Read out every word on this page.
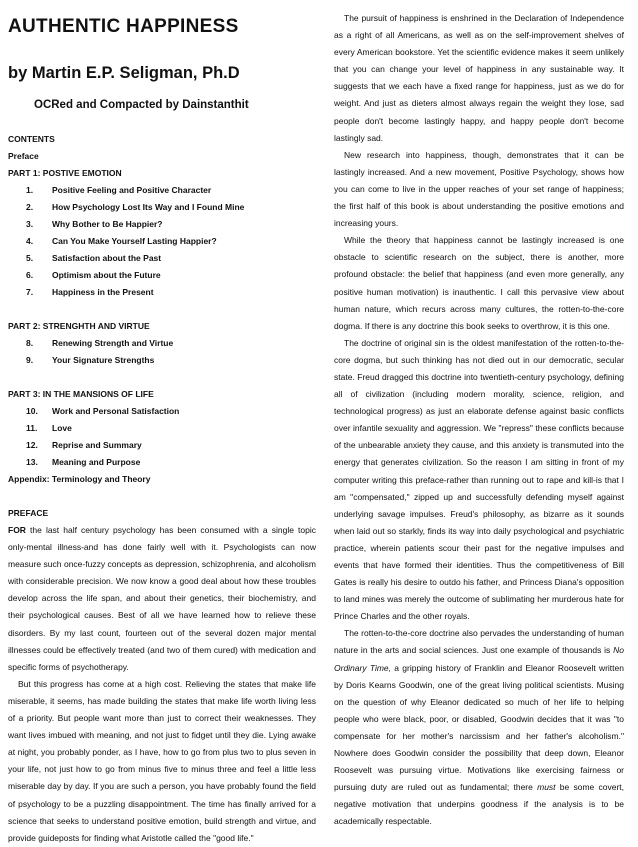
AUTHENTIC HAPPINESS
by Martin E.P. Seligman, Ph.D
OCRed and Compacted by Dainstanthit
CONTENTS
Preface
PART 1: POSTIVE EMOTION
1. Positive Feeling and Positive Character
2. How Psychology Lost Its Way and I Found Mine
3. Why Bother to Be Happier?
4. Can You Make Yourself Lasting Happier?
5. Satisfaction about the Past
6. Optimism about the Future
7. Happiness in the Present
PART 2: STRENGHTH AND VIRTUE
8. Renewing Strength and Virtue
9. Your Signature Strengths
PART 3: IN THE MANSIONS OF LIFE
10. Work and Personal Satisfaction
11. Love
12. Reprise and Summary
13. Meaning and Purpose
Appendix: Terminology and Theory
PREFACE

FOR the last half century psychology has been consumed with a single topic only-mental illness-and has done fairly well with it. Psychologists can now measure such once-fuzzy concepts as depression, schizophrenia, and alcoholism with considerable precision. We now know a good deal about how these troubles develop across the life span, and about their genetics, their biochemistry, and their psychological causes. Best of all we have learned how to relieve these disorders. By my last count, fourteen out of the several dozen major mental illnesses could be effectively treated (and two of them cured) with medication and specific forms of psychotherapy.

But this progress has come at a high cost. Relieving the states that make life miserable, it seems, has made building the states that make life worth living less of a priority. But people want more than just to correct their weaknesses. They want lives imbued with meaning, and not just to fidget until they die. Lying awake at night, you probably ponder, as I have, how to go from plus two to plus seven in your life, not just how to go from minus five to minus three and feel a little less miserable day by day. If you are such a person, you have probably found the field of psychology to be a puzzling disappointment. The time has finally arrived for a science that seeks to understand positive emotion, build strength and virtue, and provide guideposts for finding what Aristotle called the "good life."

The pursuit of happiness is enshrined in the Declaration of Independence as a right of all Americans, as well as on the self-improvement shelves of every American bookstore. Yet the scientific evidence makes it seem unlikely that you can change your level of happiness in any sustainable way. It suggests that we each have a fixed range for happiness, just as we do for weight. And just as dieters almost always regain the weight they lose, sad people don't become lastingly happy, and happy people don't become lastingly sad.

New research into happiness, though, demonstrates that it can be lastingly increased. And a new movement, Positive Psychology, shows how you can come to live in the upper reaches of your set range of happiness; the first half of this book is about understanding the positive emotions and increasing yours.

While the theory that happiness cannot be lastingly increased is one obstacle to scientific research on the subject, there is another, more profound obstacle: the belief that happiness (and even more generally, any positive human motivation) is inauthentic. I call this pervasive view about human nature, which recurs across many cultures, the rotten-to-the-core dogma. If there is any doctrine this book seeks to overthrow, it is this one.

The doctrine of original sin is the oldest manifestation of the rotten-to-the-core dogma, but such thinking has not died out in our democratic, secular state. Freud dragged this doctrine into twentieth-century psychology, defining all of civilization (including modern morality, science, religion, and technological progress) as just an elaborate defense against basic conflicts over infantile sexuality and aggression. We "repress" these conflicts because of the unbearable anxiety they cause, and this anxiety is transmuted into the energy that generates civilization. So the reason I am sitting in front of my computer writing this preface-rather than running out to rape and kill-is that I am "compensated," zipped up and successfully defending myself against underlying savage impulses. Freud's philosophy, as bizarre as it sounds when laid out so starkly, finds its way into daily psychological and psychiatric practice, wherein patients scour their past for the negative impulses and events that have formed their identities. Thus the competitiveness of Bill Gates is really his desire to outdo his father, and Princess Diana's opposition to land mines was merely the outcome of sublimating her murderous hate for Prince Charles and the other royals.

The rotten-to-the-core doctrine also pervades the understanding of human nature in the arts and social sciences. Just one example of thousands is No Ordinary Time, a gripping history of Franklin and Eleanor Roosevelt written by Doris Kearns Goodwin, one of the great living political scientists. Musing on the question of why Eleanor dedicated so much of her life to helping people who were black, poor, or disabled, Goodwin decides that it was "to compensate for her mother's narcissism and her father's alcoholism." Nowhere does Goodwin consider the possibility that deep down, Eleanor Roosevelt was pursuing virtue. Motivations like exercising fairness or pursuing duty are ruled out as fundamental; there must be some covert, negative motivation that underpins goodness if the analysis is to be academically respectable.
